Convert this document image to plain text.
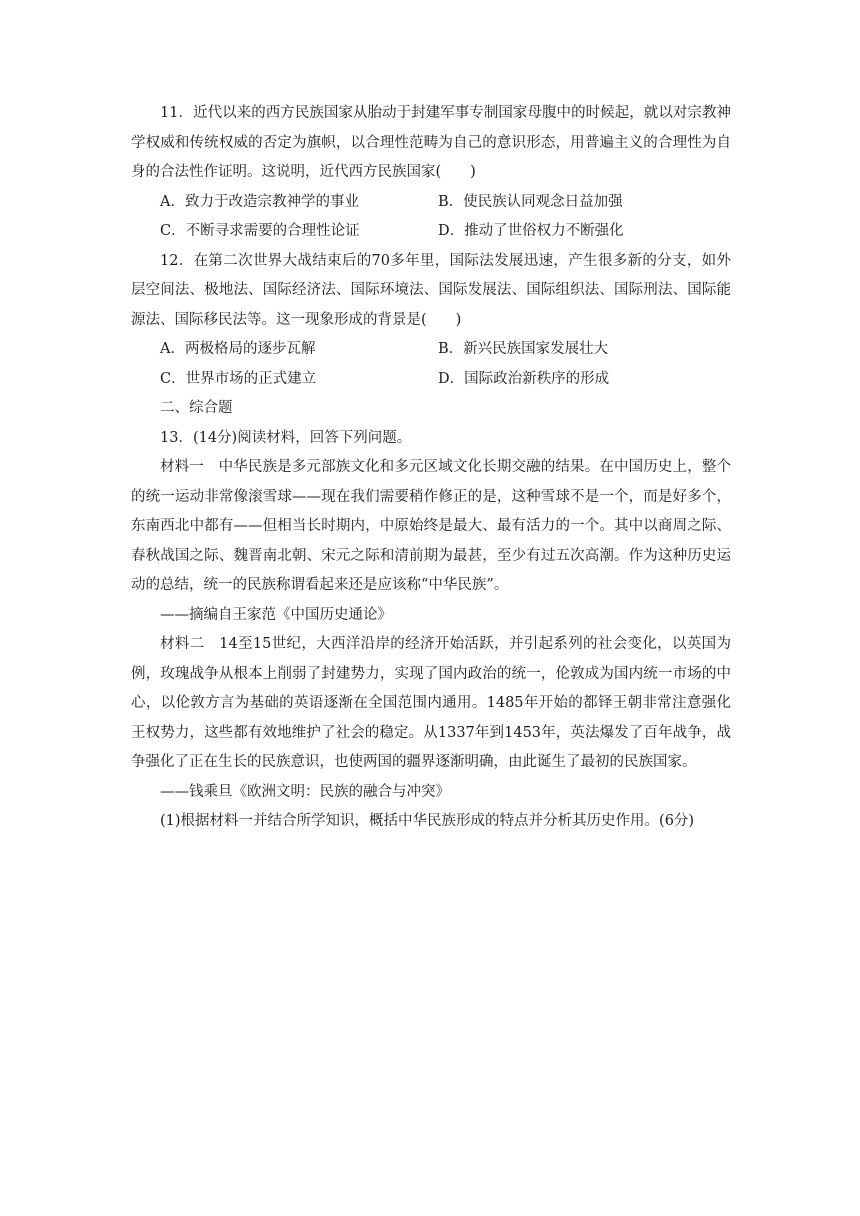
11．近代以来的西方民族国家从胎动于封建军事专制国家母腹中的时候起，就以对宗教神学权威和传统权威的否定为旗帜，以合理性范畴为自己的意识形态，用普遍主义的合理性为自身的合法性作证明。这说明，近代西方民族国家(　　)

A．致力于改造宗教神学的事业	B．使民族认同观念日益加强
C．不断寻求需要的合理性论证	D．推动了世俗权力不断强化

12．在第二次世界大战结束后的70多年里，国际法发展迅速，产生很多新的分支，如外层空间法、极地法、国际经济法、国际环境法、国际发展法、国际组织法、国际刑法、国际能源法、国际移民法等。这一现象形成的背景是(　　)

A．两极格局的逐步瓦解	B．新兴民族国家发展壮大
C．世界市场的正式建立	D．国际政治新秩序的形成

二、综合题

13．(14分)阅读材料，回答下列问题。

材料一　中华民族是多元部族文化和多元区域文化长期交融的结果。在中国历史上，整个的统一运动非常像滚雪球——现在我们需要稍作修正的是，这种雪球不是一个，而是好多个，东南西北中都有——但相当长时期内，中原始终是最大、最有活力的一个。其中以商周之际、春秋战国之际、魏晋南北朝、宋元之际和清前期为最甚，至少有过五次高潮。作为这种历史运动的总结，统一的民族称谓看起来还是应该称“中华民族”。

——摘编自王家范《中国历史通论》

材料二　14至15世纪，大西洋沿岸的经济开始活跃，并引起系列的社会变化，以英国为例，玫瑰战争从根本上削弱了封建势力，实现了国内政治的统一，伦敦成为国内统一市场的中心，以伦敦方言为基础的英语逐渐在全国范围内通用。1485年开始的都铎王朝非常注意强化王权势力，这些都有效地维护了社会的稳定。从1337年到1453年，英法爆发了百年战争，战争强化了正在生长的民族意识，也使两国的疆界逐渐明确，由此诞生了最初的民族国家。

——钱乘旦《欧洲文明：民族的融合与冲突》

(1)根据材料一并结合所学知识，概括中华民族形成的特点并分析其历史作用。(6分)
